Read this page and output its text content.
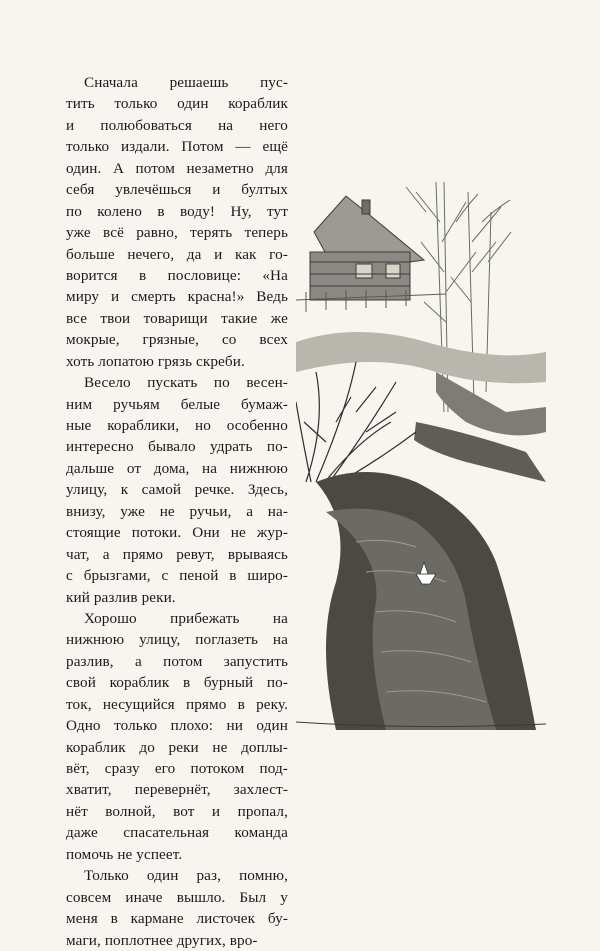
Сначала решаешь пус-
тить только один кораблик
и полюбоваться на него
только издали. Потом — ещё
один. А потом незаметно для
себя увлечёшься и бултых
по колено в воду! Ну, тут
уже всё равно, терять теперь
больше нечего, да и как го-
ворится в пословице: «На
миру и смерть красна!» Ведь
все твои товарищи такие же
мокрые, грязные, со всех
хоть лопатою грязь скреби.
Весело пускать по весен-
ним ручьям белые бумаж-
ные кораблики, но особенно
интересно бывало удрать по-
дальше от дома, на нижнюю
улицу, к самой речке. Здесь,
внизу, уже не ручьи, а на-
стоящие потоки. Они не жур-
чат, а прямо ревут, врываясь
с брызгами, с пеной в широ-
кий разлив реки.
Хорошо прибежать на
нижнюю улицу, поглазеть на
разлив, а потом запустить
свой кораблик в бурный по-
ток, несущийся прямо в реку.
Одно только плохо: ни один
кораблик до реки не доплы-
вёт, сразу его потоком под-
хватит, перевернёт, захлест-
нёт волной, вот и пропал,
даже спасательная команда
помочь не успеет.
Только один раз, помню,
совсем иначе вышло. Был у
меня в кармане листочек бу-
маги, поплотнее других, вро-
